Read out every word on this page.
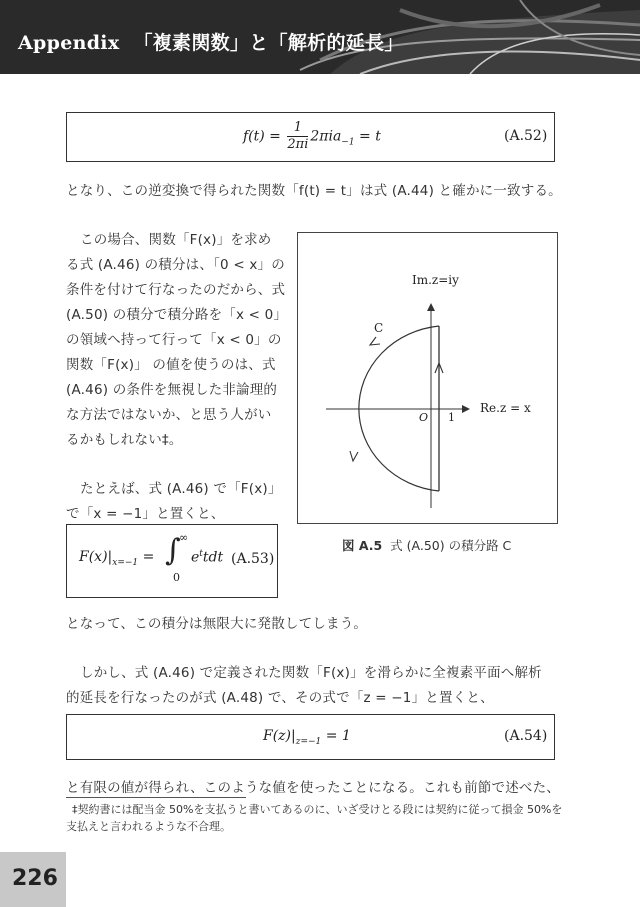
Appendix 「複素関数」と「解析的延長」
$f(t) = \frac{1}{2\pi i} 2\pi ia_{-1} = t$	(A.52)
となり、この逆変換で得られた関数「f(t) = t」は式 (A.44) と確かに一致する。
この場合、関数「F(x)」を求め
る式 (A.46) の積分は、「0 < x」の
条件を付けて行なったのだから、式
(A.50) の積分で積分路を「x < 0」
の領域へ持って行って「x < 0」の
関数「F(x)」 の値を使うのは、式
(A.46) の条件を無視した非論理的
な方法ではないか、と思う人がい
るかもしれない‡。
たとえば、式 (A.46) で「F(x)」
で「x = −1」と置くと、
$F(x)|_{x=-1}$ = ∫
∞
0
$e^ttdt$ (A.53)
Im.z=iy
Re.z = x
C
O 1
図 A.5 式 (A.50) の積分路 C
となって、この積分は無限大に発散してしまう。
しかし、式 (A.46) で定義された関数「F(x)」を滑らかに全複素平面へ解析
的延長を行なったのが式 (A.48) で、その式で「z = −1」と置くと、
$F(z)|_{z=-1} = 1$	(A.54)
と有限の値が得られ、このような値を使ったことになる。これも前節で述べた、
‡契約書には配当金 50%を支払うと書いてあるのに、いざ受けとる段には契約に従って損金 50%を
支払えと言われるような不合理。
226
